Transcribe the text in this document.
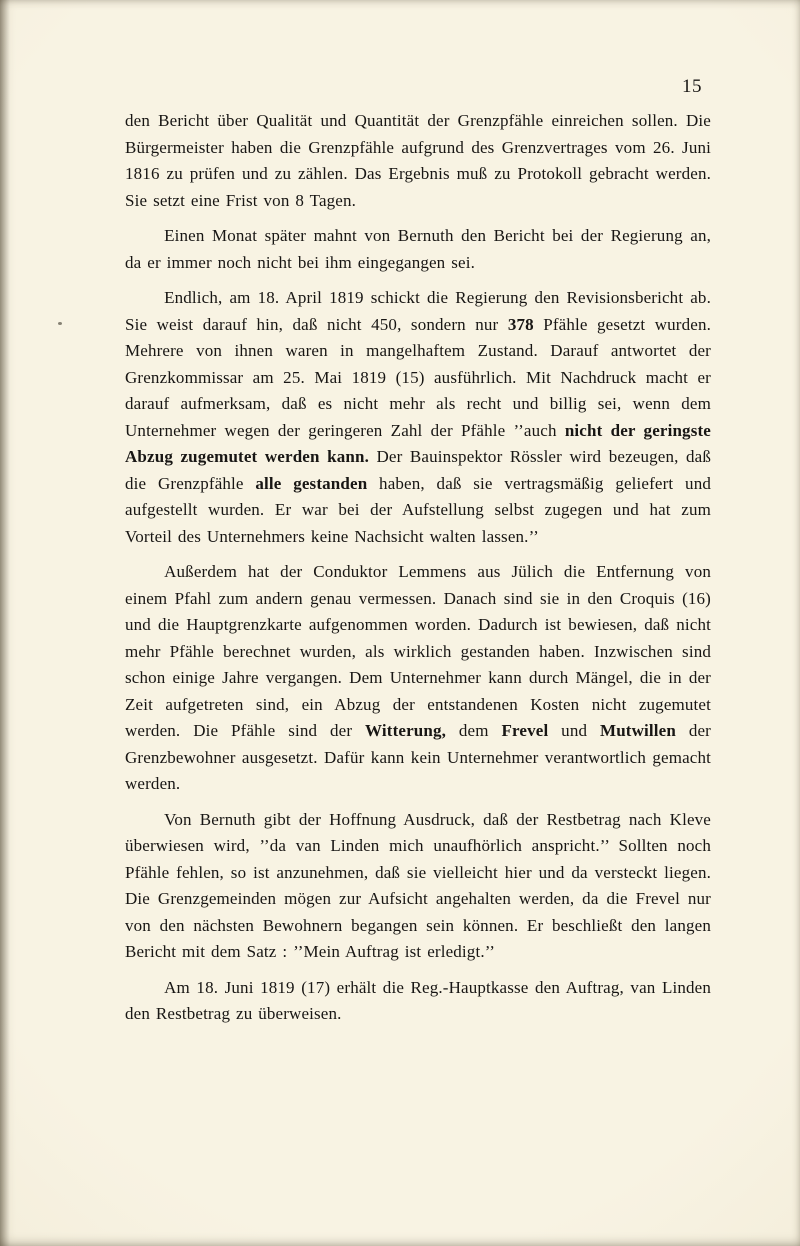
15

den Bericht über Qualität und Quantität der Grenzpfähle einreichen sollen. Die Bürgermeister haben die Grenzpfähle aufgrund des Grenzvertrages vom 26. Juni 1816 zu prüfen und zu zählen. Das Ergebnis muß zu Protokoll gebracht werden. Sie setzt eine Frist von 8 Tagen.

Einen Monat später mahnt von Bernuth den Bericht bei der Regierung an, da er immer noch nicht bei ihm eingegangen sei.

Endlich, am 18. April 1819 schickt die Regierung den Revisionsbericht ab. Sie weist darauf hin, daß nicht 450, sondern nur 378 Pfähle gesetzt wurden. Mehrere von ihnen waren in mangelhaftem Zustand. Darauf antwortet der Grenzkommissar am 25. Mai 1819 (15) ausführlich. Mit Nachdruck macht er darauf aufmerksam, daß es nicht mehr als recht und billig sei, wenn dem Unternehmer wegen der geringeren Zahl der Pfähle ’’auch nicht der geringste Abzug zugemutet werden kann. Der Bauinspektor Rössler wird bezeugen, daß die Grenzpfähle alle gestanden haben, daß sie vertragsmäßig geliefert und aufgestellt wurden. Er war bei der Aufstellung selbst zugegen und hat zum Vorteil des Unternehmers keine Nachsicht walten lassen.’’

Außerdem hat der Conduktor Lemmens aus Jülich die Entfernung von einem Pfahl zum andern genau vermessen. Danach sind sie in den Croquis (16) und die Hauptgrenzkarte aufgenommen worden. Dadurch ist bewiesen, daß nicht mehr Pfähle berechnet wurden, als wirklich gestanden haben. Inzwischen sind schon einige Jahre vergangen. Dem Unternehmer kann durch Mängel, die in der Zeit aufgetreten sind, ein Abzug der entstandenen Kosten nicht zugemutet werden. Die Pfähle sind der Witterung, dem Frevel und Mutwillen der Grenzbewohner ausgesetzt. Dafür kann kein Unternehmer verantwortlich gemacht werden.

Von Bernuth gibt der Hoffnung Ausdruck, daß der Restbetrag nach Kleve überwiesen wird, ’’da van Linden mich unaufhörlich anspricht.’’ Sollten noch Pfähle fehlen, so ist anzunehmen, daß sie vielleicht hier und da versteckt liegen. Die Grenzgemeinden mögen zur Aufsicht angehalten werden, da die Frevel nur von den nächsten Bewohnern begangen sein können. Er beschließt den langen Bericht mit dem Satz : ’’Mein Auftrag ist erledigt.’’

Am 18. Juni 1819 (17) erhält die Reg.-Hauptkasse den Auftrag, van Linden den Restbetrag zu überweisen.
